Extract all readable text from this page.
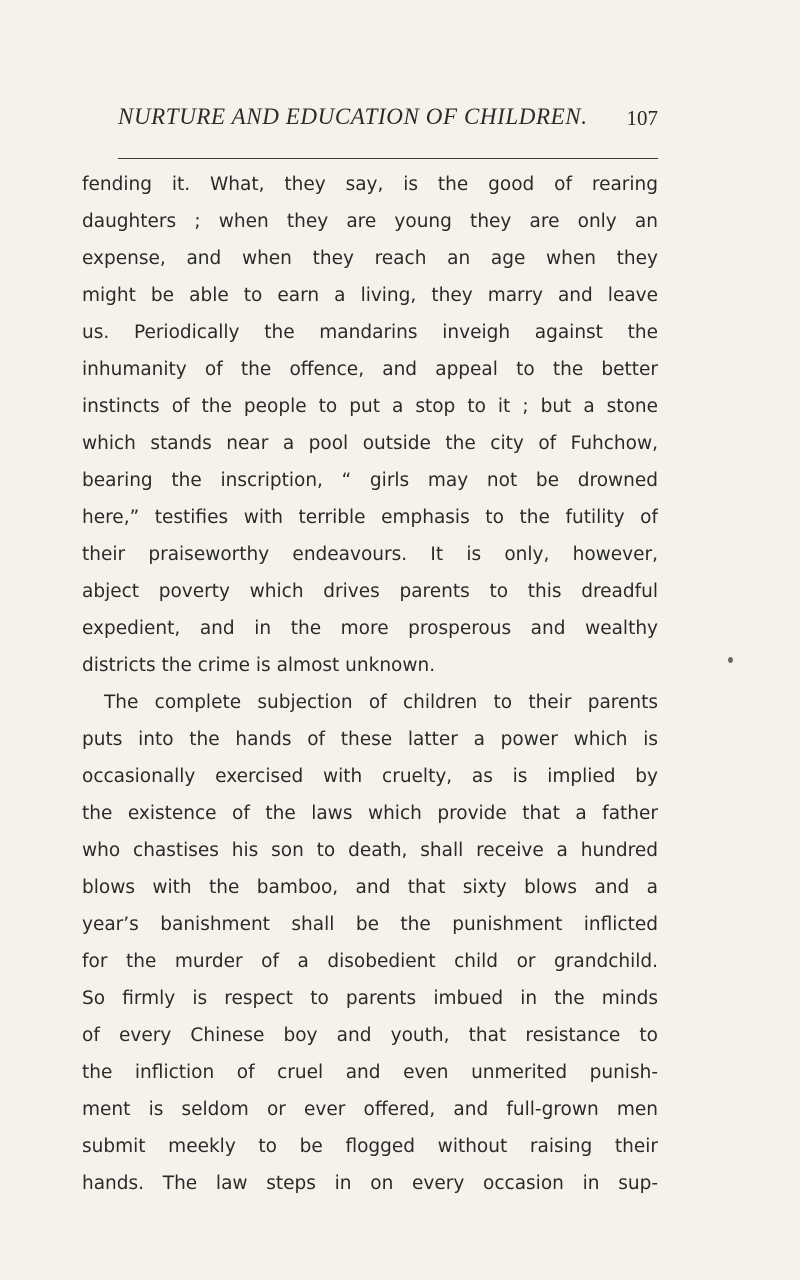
NURTURE AND EDUCATION OF CHILDREN. 107
fending it. What, they say, is the good of rearing
daughters ; when they are young they are only an
expense, and when they reach an age when they
might be able to earn a living, they marry and leave
us. Periodically the mandarins inveigh against the
inhumanity of the offence, and appeal to the better
instincts of the people to put a stop to it ; but a stone
which stands near a pool outside the city of Fuhchow,
bearing the inscription, “ girls may not be drowned
here,” testifies with terrible emphasis to the futility of
their praiseworthy endeavours. It is only, however,
abject poverty which drives parents to this dreadful
expedient, and in the more prosperous and wealthy
districts the crime is almost unknown.
The complete subjection of children to their parents
puts into the hands of these latter a power which is
occasionally exercised with cruelty, as is implied by
the existence of the laws which provide that a father
who chastises his son to death, shall receive a hundred
blows with the bamboo, and that sixty blows and a
year’s banishment shall be the punishment inflicted
for the murder of a disobedient child or grandchild.
So firmly is respect to parents imbued in the minds
of every Chinese boy and youth, that resistance to
the infliction of cruel and even unmerited punish-
ment is seldom or ever offered, and full-grown men
submit meekly to be flogged without raising their
hands. The law steps in on every occasion in sup-
